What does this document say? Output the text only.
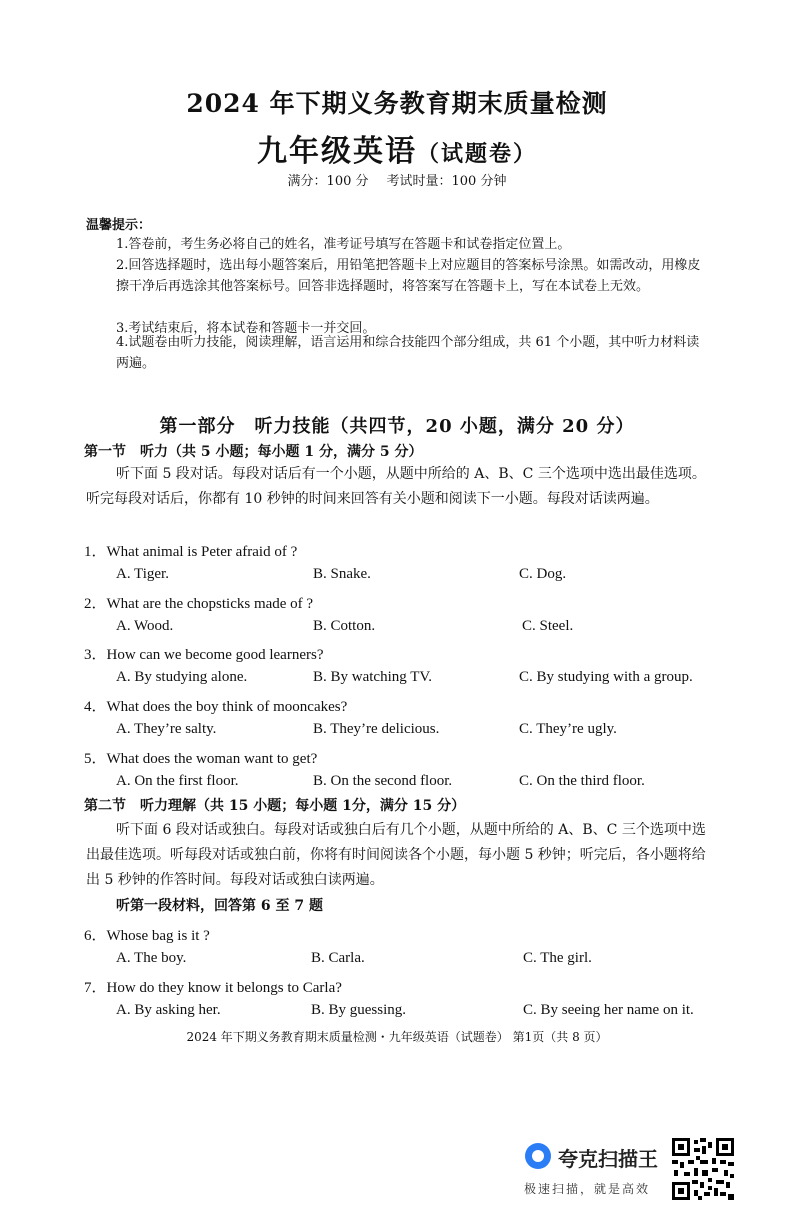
2024 年下期义务教育期末质量检测
九年级英语（试题卷）
满分：100 分 考试时量：100 分钟
温馨提示：
1.答卷前，考生务必将自己的姓名，准考证号填写在答题卡和试卷指定位置上。
2.回答选择题时，选出每小题答案后，用铅笔把答题卡上对应题目的答案标号涂黑。如需改动，用橡皮擦干净后再选涂其他答案标号。回答非选择题时，将答案写在答题卡上，写在本试卷上无效。
3.考试结束后，将本试卷和答题卡一并交回。
4.试题卷由听力技能，阅读理解，语言运用和综合技能四个部分组成，共 61 个小题，其中听力材料读两遍。
第一部分　听力技能（共四节，20 小题，满分 20 分）
第一节　听力（共 5 小题；每小题 1 分，满分 5 分）
听下面 5 段对话。每段对话后有一个小题，从题中所给的 A、B、C 三个选项中选出最佳选项。听完每段对话后，你都有 10 秒钟的时间来回答有关小题和阅读下一小题。每段对话读两遍。
1．What animal is Peter afraid of ?
A. Tiger.	B. Snake.	C. Dog.
2．What are the chopsticks made of ?
A. Wood.	B. Cotton.	C. Steel.
3．How can we become good learners?
A. By studying alone.	B. By watching TV.	C. By studying with a group.
4．What does the boy think of mooncakes?
A. They’re salty.	B. They’re delicious.	C. They’re ugly.
5．What does the woman want to get?
A. On the first floor.	B. On the second floor.	C. On the third floor.
第二节　听力理解（共 15 小题；每小题 1分，满分 15 分）
听下面 6 段对话或独白。每段对话或独白后有几个小题，从题中所给的 A、B、C 三个选项中选出最佳选项。听每段对话或独白前，你将有时间阅读各个小题，每小题 5 秒钟；听完后，各小题将给出 5 秒钟的作答时间。每段对话或独白读两遍。
听第一段材料，回答第 6 至 7 题
6．Whose bag is it ?
A. The boy.	B. Carla.	C. The girl.
7．How do they know it belongs to Carla?
A. By asking her.	B. By guessing.	C. By seeing her name on it.
2024 年下期义务教育期末质量检测・九年级英语（试题卷） 第1页（共 8 页）
夸克扫描王
极速扫描，就是高效
